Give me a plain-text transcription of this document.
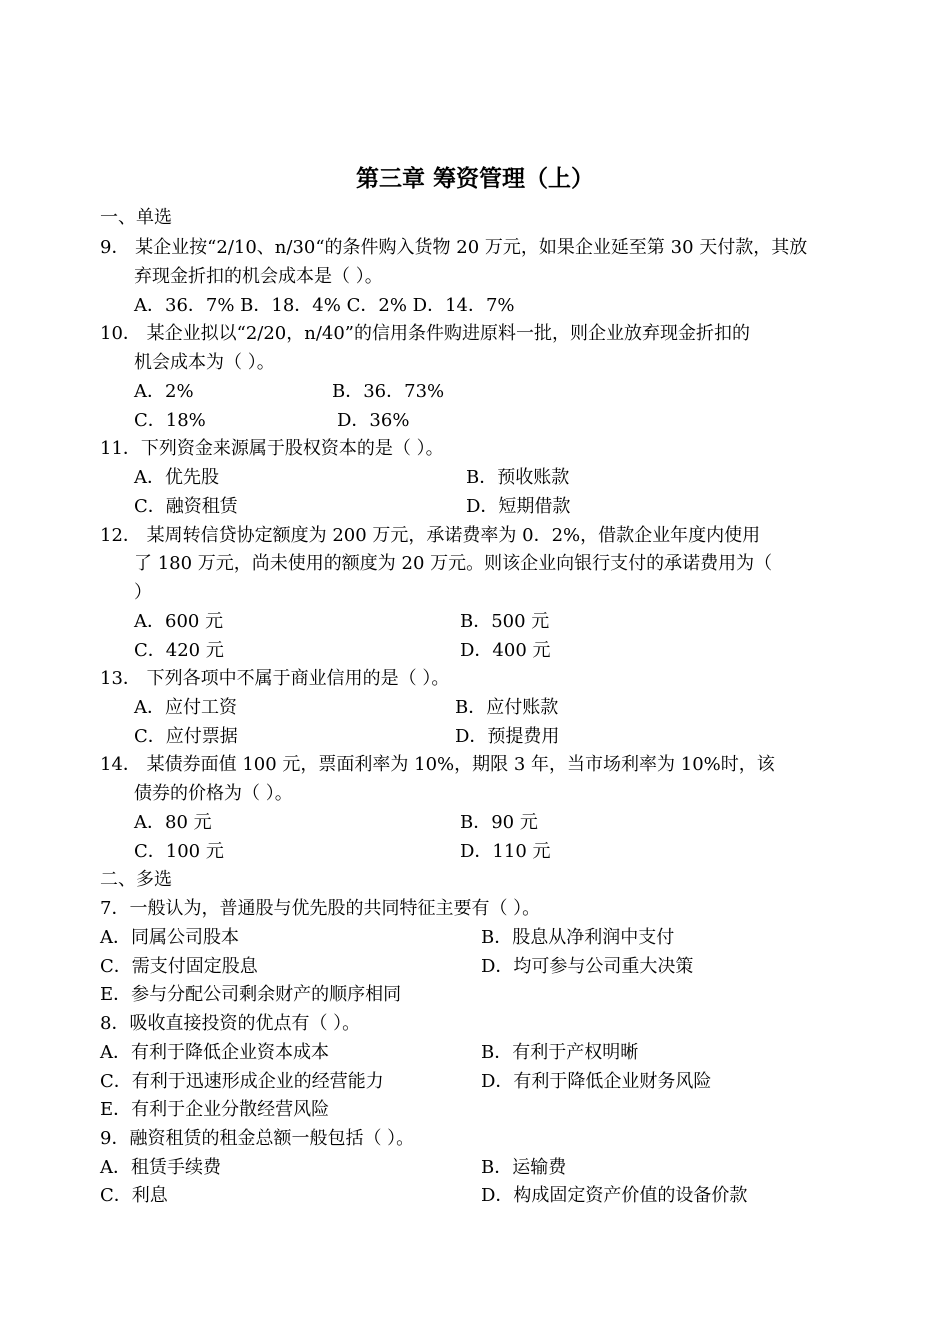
第三章 筹资管理（上）
一、单选
9． 某企业按“2/10、n/30“的条件购入货物 20 万元，如果企业延至第 30 天付款，其放
弃现金折扣的机会成本是（ ）。
A．36．7% B．18．4% C．2% D．14．7%
10． 某企业拟以“2/20，n/40”的信用条件购进原料一批，则企业放弃现金折扣的
机会成本为（ ）。
A．2%	B．36．73%
C．18%	D．36%
11．下列资金来源属于股权资本的是（ ）。
A．优先股	B．预收账款
C．融资租赁	D．短期借款
12． 某周转信贷协定额度为 200 万元，承诺费率为 0．2%，借款企业年度内使用
了 180 万元，尚未使用的额度为 20 万元。则该企业向银行支付的承诺费用为（
）
A．600 元	B．500 元
C．420 元	D．400 元
13． 下列各项中不属于商业信用的是（ ）。
A．应付工资	B．应付账款
C．应付票据	D．预提费用
14． 某债券面值 100 元，票面利率为 10%，期限 3 年，当市场利率为 10%时，该
债券的价格为（ ）。
A．80 元	B．90 元
C．100 元	D．110 元
二、多选
7．一般认为，普通股与优先股的共同特征主要有（ ）。
A．同属公司股本	B．股息从净利润中支付
C．需支付固定股息	D．均可参与公司重大决策
E．参与分配公司剩余财产的顺序相同
8．吸收直接投资的优点有（ ）。
A．有利于降低企业资本成本	B．有利于产权明晰
C．有利于迅速形成企业的经营能力	D．有利于降低企业财务风险
E．有利于企业分散经营风险
9．融资租赁的租金总额一般包括（ ）。
A．租赁手续费	B．运输费
C．利息	D．构成固定资产价值的设备价款
